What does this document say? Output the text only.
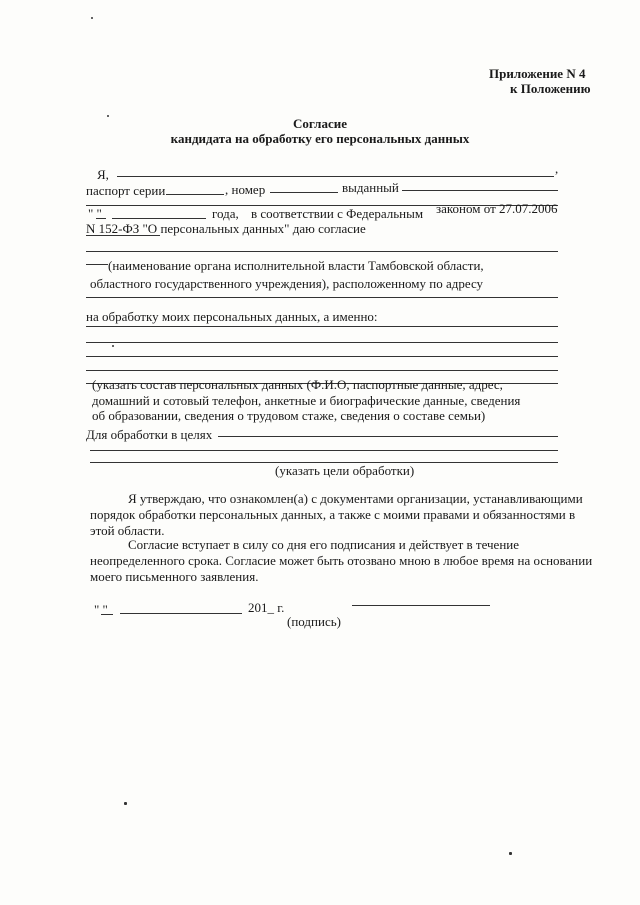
Приложение N 4
к Положению
Согласие
кандидата на обработку его персональных данных
Я,	,
паспорт серии	, номер	выданный
" "	года, в соответствии с Федеральным законом от 27.07.2006
N 152-ФЗ "О персональных данных" даю согласие
(наименование органа исполнительной власти Тамбовской области,
областного государственного учреждения), расположенному по адресу
на обработку моих персональных данных, а именно:
(указать состав персональных данных (Ф.И.О, паспортные данные, адрес,
домашний и сотовый телефон, анкетные и биографические данные, сведения
об образовании, сведения о трудовом стаже, сведения о составе семьи)
Для обработки в целях
(указать цели обработки)
Я утверждаю, что ознакомлен(а) с документами организации, устанавливающими
порядок обработки персональных данных, а также с моими правами и обязанностями в
этой области.
Согласие вступает в силу со дня его подписания и действует в течение
неопределенного срока. Согласие может быть отозвано мною в любое время на основании
моего письменного заявления.
" "	201_ г.
(подпись)
